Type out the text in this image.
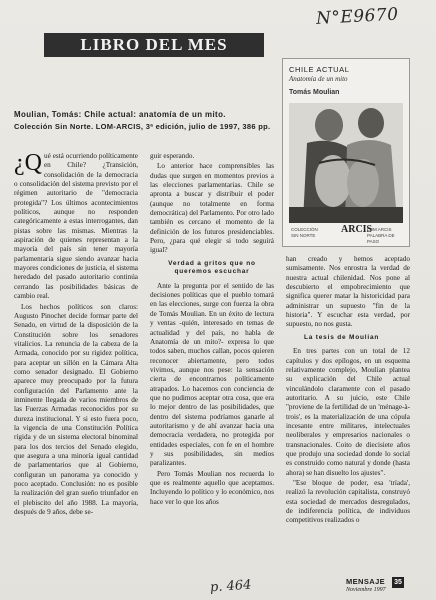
N°E9670
LIBRO DEL MES
CHILE ACTUAL
Anatomía de un mito
Tomás Moulian
COLECCIÓN SIN NORTE
ARCIS
LOM ARCIS PALABRA DE PASO
Moulian, Tomás: Chile actual: anatomía de un mito.
Colección Sin Norte. LOM-ARCIS, 3ª edición, julio de 1997, 386 pp.

¿Q ué está ocurriendo políticamente en Chile? ¿Transición, consolidación de la democracia o consolidación del sistema previsto por el régimen autoritario de "democracia protegida"? Los últimos acontecimientos políticos, aunque no responden categóricamente a estas interrogantes, dan pistas sobre las mismas. Mientras la aspiración de quienes representan a la mayoría del país sin tener mayoría parlamentaria sigue siendo avanzar hacia mayores condiciones de justicia, el sistema heredado del pasado autoritario continúa cerrando las posibilidades básicas de cambio real.

Los hechos políticos son claros: Augusto Pinochet decide formar parte del Senado, en virtud de la disposición de la Constitución sobre los senadores vitalicios. La renuncia de la cabeza de la Armada, conocido por su rigidez política, para aceptar un sillón en la Cámara Alta como senador designado. El Gobierno aparece muy preocupado por la futura configuración del Parlamento ante la inminente llegada de varios miembros de las Fuerzas Armadas reconocidos por su dureza institucional. Y si esto fuera poco, la vigencia de una Constitución Política rígida y de un sistema electoral binominal para los dos tercios del Senado elegido, que asegura a una minoría igual cantidad de parlamentarios que al Gobierno, configuran un panorama ya conocido y poco aceptado. Conclusión: no es posible la realización del gran sueño triunfador en el plebiscito del año 1988. La mayoría, después de 9 años, debe se-

guir esperando.

Lo anterior hace comprensibles las dudas que surgen en momentos previos a las elecciones parlamentarias. Chile se apronta a buscar y distribuir el poder (aunque no totalmente en forma democrática) del Parlamento. Por otro lado también es cercano el momento de la definición de los futuros presidenciables. Pero, ¿para qué elegir si todo seguirá igual?

Verdad a gritos que no queremos escuchar

Ante la pregunta por el sentido de las decisiones políticas que el pueblo tomará en las elecciones, surge con fuerza la obra de Tomás Moulian. En un éxito de lectura y ventas -quién, interesado en temas de actualidad y del país, no habla de Anatomía de un mito?- expresa lo que todos saben, muchos callan, pocos quieren reconocer abiertamente, pero todos vivimos, aunque nos pese: la sensación cierta de encontrarnos políticamente atrapados. Lo hacemos con conciencia de que no pudimos aceptar otra cosa, que era lo mejor dentro de las posibilidades, que dentro del sistema podríamos ganarle al autoritarismo y de ahí avanzar hacia una democracia verdadera, no protegida por entidades especiales, con fe en el hombre y sus posibilidades, sin medios paralizantes.

Pero Tomás Moulian nos recuerda lo que es realmente aquello que aceptamos. Incluyendo lo político y lo económico, nos hace ver lo que los años

han creado y hemos aceptado sumisamente. Nos enrostra la verdad de nuestra actual chilenidad. Nos pone al descubierto el empobrecimiento que significa querer matar la historicidad para administrar un supuesto "fin de la historia". Y escuchar esta verdad, por supuesto, no nos gusta.

La tesis de Moulian

En tres partes con un total de 12 capítulos y dos epílogos, en un esquema relativamente complejo, Moulian plantea su explicación del Chile actual vinculándolo claramente con el pasado autoritario. A su juicio, este Chile "proviene de la fertilidad de un 'ménage-à-trois', es la materialización de una cópula incesante entre militares, intelectuales neoliberales y empresarios nacionales o transnacionales. Coito de diecisiete años que produjo una sociedad donde lo social es construido como natural y donde (hasta ahora) se han disuelto los ajustes".

"Ese bloque de poder, esa 'tríada', realizó la revolución capitalista, construyó esta sociedad de mercados desregulados, de indiferencia política, de individuos competitivos realizados o

p. 464	MENSAJE
Noviembre 1997
35
